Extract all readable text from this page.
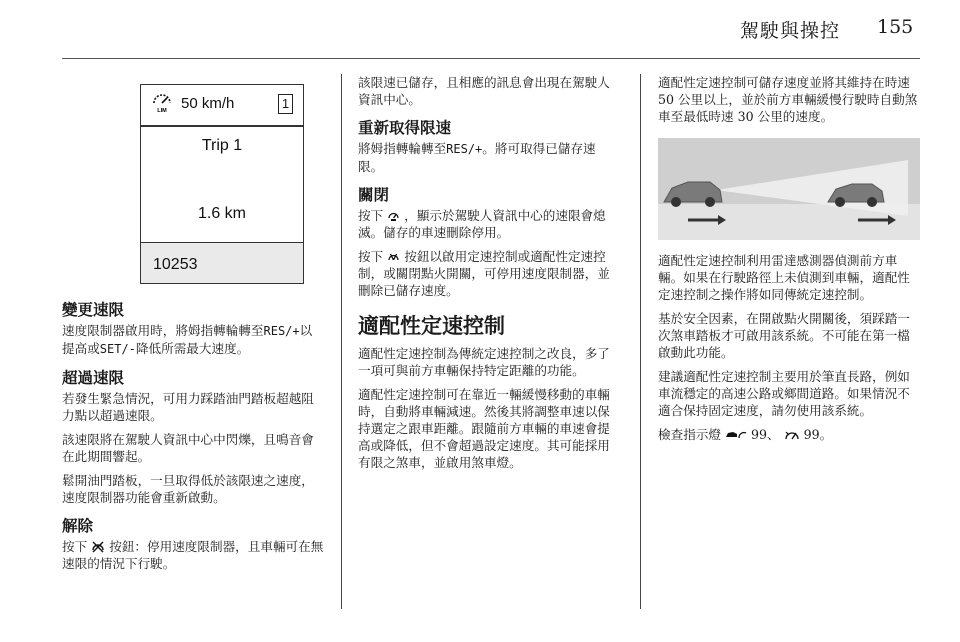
駕駛與操控 155
LIM 50 km/h	1
Trip 1
1.6 km
10253
變更速限

速度限制器啟用時，將姆指轉輪轉至RES/+以提高或SET/-降低所需最大速度。

超過速限

若發生緊急情況，可用力踩踏油門踏板超越阻力點以超過速限。

該速限將在駕駛人資訊中心中閃爍，且鳴音會在此期間響起。

鬆開油門踏板，一旦取得低於該限速之速度，速度限制器功能會重新啟動。

解除

按下 按鈕：停用速度限制器，且車輛可在無速限的情況下行駛。

該限速已儲存，且相應的訊息會出現在駕駛人資訊中心。

重新取得限速

將姆指轉輪轉至RES/+。將可取得已儲存速限。

關閉

按下 ，顯示於駕駛人資訊中心的速限會熄滅。儲存的車速刪除停用。

按下 按鈕以啟用定速控制或適配性定速控制，或關閉點火開關，可停用速度限制器，並刪除已儲存速度。

適配性定速控制

適配性定速控制為傳統定速控制之改良，多了一項可與前方車輛保持特定距離的功能。

適配性定速控制可在靠近一輛緩慢移動的車輛時，自動將車輛減速。然後其將調整車速以保持選定之跟車距離。跟隨前方車輛的車速會提高或降低，但不會超過設定速度。其可能採用有限之煞車，並啟用煞車燈。

適配性定速控制可儲存速度並將其維持在時速 50 公里以上，並於前方車輛緩慢行駛時自動煞車至最低時速 30 公里的速度。

適配性定速控制利用雷達感測器偵測前方車輛。如果在行駛路徑上未偵測到車輛，適配性定速控制之操作將如同傳統定速控制。

基於安全因素，在開啟點火開關後，須踩踏一次煞車踏板才可啟用該系統。不可能在第一檔啟動此功能。

建議適配性定速控制主要用於筆直長路，例如車流穩定的高速公路或鄉間道路。如果情況不適合保持固定速度，請勿使用該系統。

檢查指示燈 99、 99。
